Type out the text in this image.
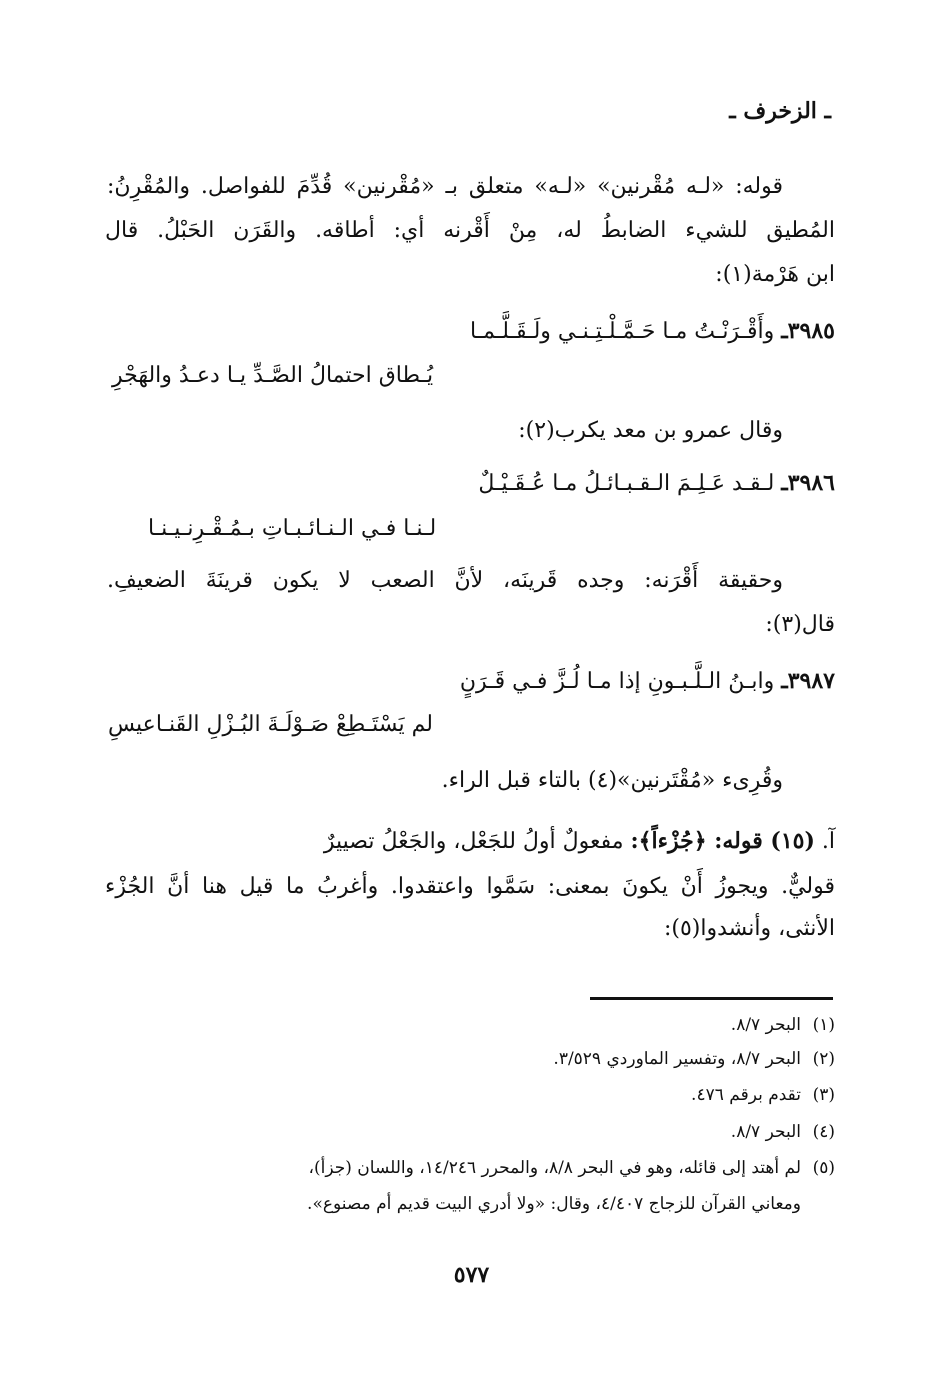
ـ الزخرف ـ
قوله: «لـه مُقْرنين» «لـه» متعلق بـ «مُقْرنين» قُدِّمَ للفواصل. والمُقْرِنُ:
المُطيق للشيء الضابطُ له، مِنْ أَقْرنه أي: أطاقه. والقَرَن الحَبْلُ. قال
ابن هَرْمة(١):
٣٩٨٥ـ وأَقْـرَنْـتُ مـا حَـمَّـلْـتِـنـي ولَـقَـلَّـمـا
يُـطاق احتمالُ الصَّـدِّ يـا دعـدُ والهَجْرِ
وقال عمرو بن معد يكرب(٢):
٣٩٨٦ـ لـقـد عَـلِـمَ الـقـبـائـلُ مـا عُـقَـيْـلٌ
لـنـا فـي الـنـائـبـاتِ بـمُـقْـرِنـيـنـا
وحقيقة أَقْرَنه: وجده قَرينَه، لأنَّ الصعب لا يكون قرينَةَ الضعيفِ.
قال(٣):
٣٩٨٧ـ وابـنُ الـلَّـبـونِ إذا مـا لُـزَّ فـي قَـرَنٍ
لم يَسْتَـطِعْ صَـوْلَـةَ البُـزْلِ القَنـاعيسِ
وقُرِىء «مُقْتَرنين»(٤) بالتاء قبل الراء.
آ. (١٥) قوله: ﴿جُزْءاً﴾: مفعولٌ أولُ للجَعْل، والجَعْلُ تصييرٌ
قوليٌّ. ويجوزُ أَنْ يكونَ بمعنى: سَمَّوا واعتقدوا. وأغربُ ما قيل هنا أنَّ الجُزْء
الأنثى، وأنشدوا(٥):
(١)البحر ٨/٧.
(٢)البحر ٨/٧، وتفسير الماوردي ٣/٥٢٩.
(٣)تقدم برقم ٤٧٦.
(٤)البحر ٨/٧.
(٥)لم أهتد إلى قائله، وهو في البحر ٨/٨، والمحرر ١٤/٢٤٦، واللسان (جزأ)،
ومعاني القرآن للزجاج ٤/٤٠٧، وقال: «ولا أدري البيت قديم أم مصنوع».
٥٧٧
